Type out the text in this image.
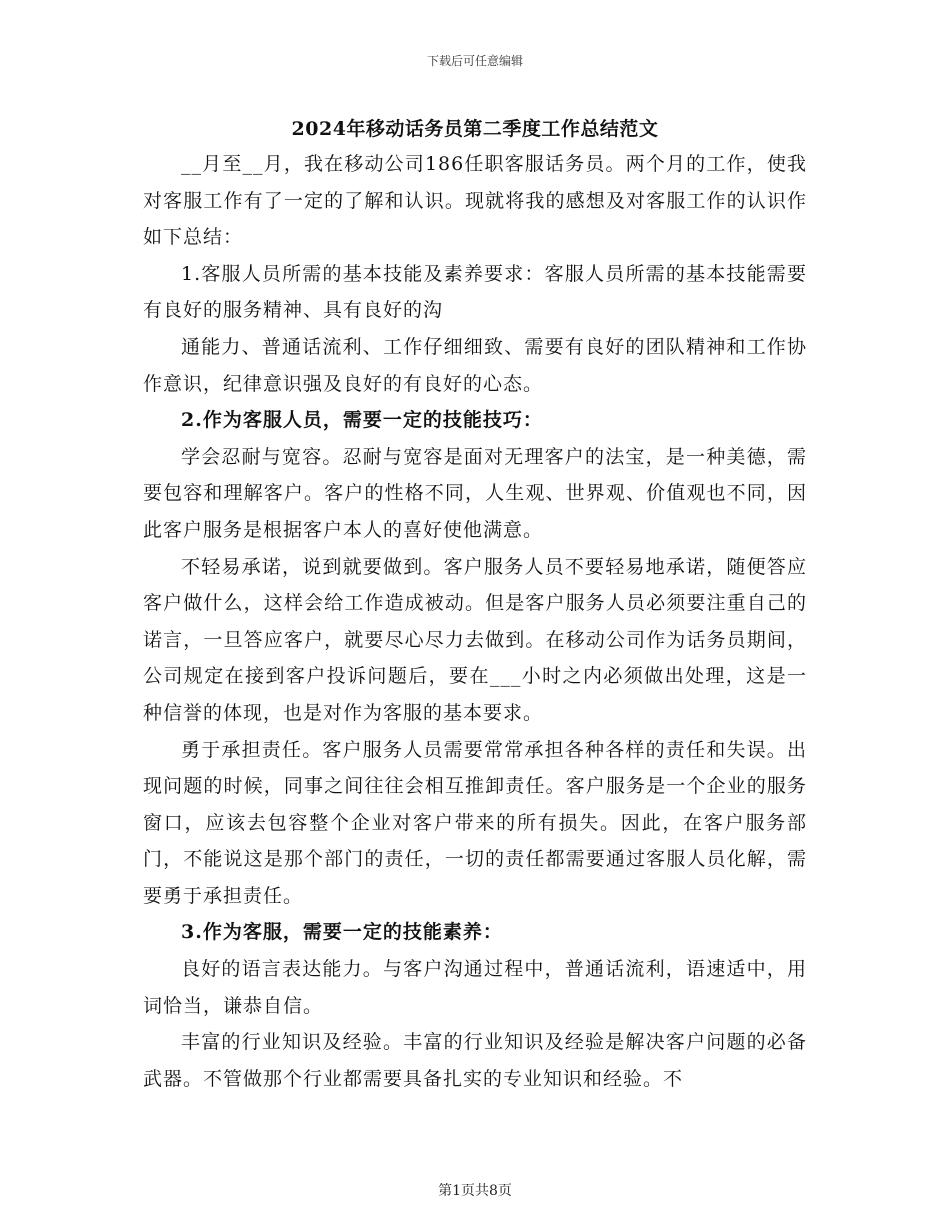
下载后可任意编辑
2024年移动话务员第二季度工作总结范文

__月至__月，我在移动公司186任职客服话务员。两个月的工作，使我对客服工作有了一定的了解和认识。现就将我的感想及对客服工作的认识作如下总结：

1.客服人员所需的基本技能及素养要求：客服人员所需的基本技能需要有良好的服务精神、具有良好的沟

通能力、普通话流利、工作仔细细致、需要有良好的团队精神和工作协作意识，纪律意识强及良好的有良好的心态。

2.作为客服人员，需要一定的技能技巧：

学会忍耐与宽容。忍耐与宽容是面对无理客户的法宝，是一种美德，需要包容和理解客户。客户的性格不同，人生观、世界观、价值观也不同，因此客户服务是根据客户本人的喜好使他满意。

不轻易承诺，说到就要做到。客户服务人员不要轻易地承诺，随便答应客户做什么，这样会给工作造成被动。但是客户服务人员必须要注重自己的诺言，一旦答应客户，就要尽心尽力去做到。在移动公司作为话务员期间，公司规定在接到客户投诉问题后，要在___小时之内必须做出处理，这是一种信誉的体现，也是对作为客服的基本要求。

勇于承担责任。客户服务人员需要常常承担各种各样的责任和失误。出现问题的时候，同事之间往往会相互推卸责任。客户服务是一个企业的服务窗口，应该去包容整个企业对客户带来的所有损失。因此，在客户服务部门，不能说这是那个部门的责任，一切的责任都需要通过客服人员化解，需要勇于承担责任。

3.作为客服，需要一定的技能素养：

良好的语言表达能力。与客户沟通过程中，普通话流利，语速适中，用词恰当，谦恭自信。

丰富的行业知识及经验。丰富的行业知识及经验是解决客户问题的必备武器。不管做那个行业都需要具备扎实的专业知识和经验。不

第1页共8页
